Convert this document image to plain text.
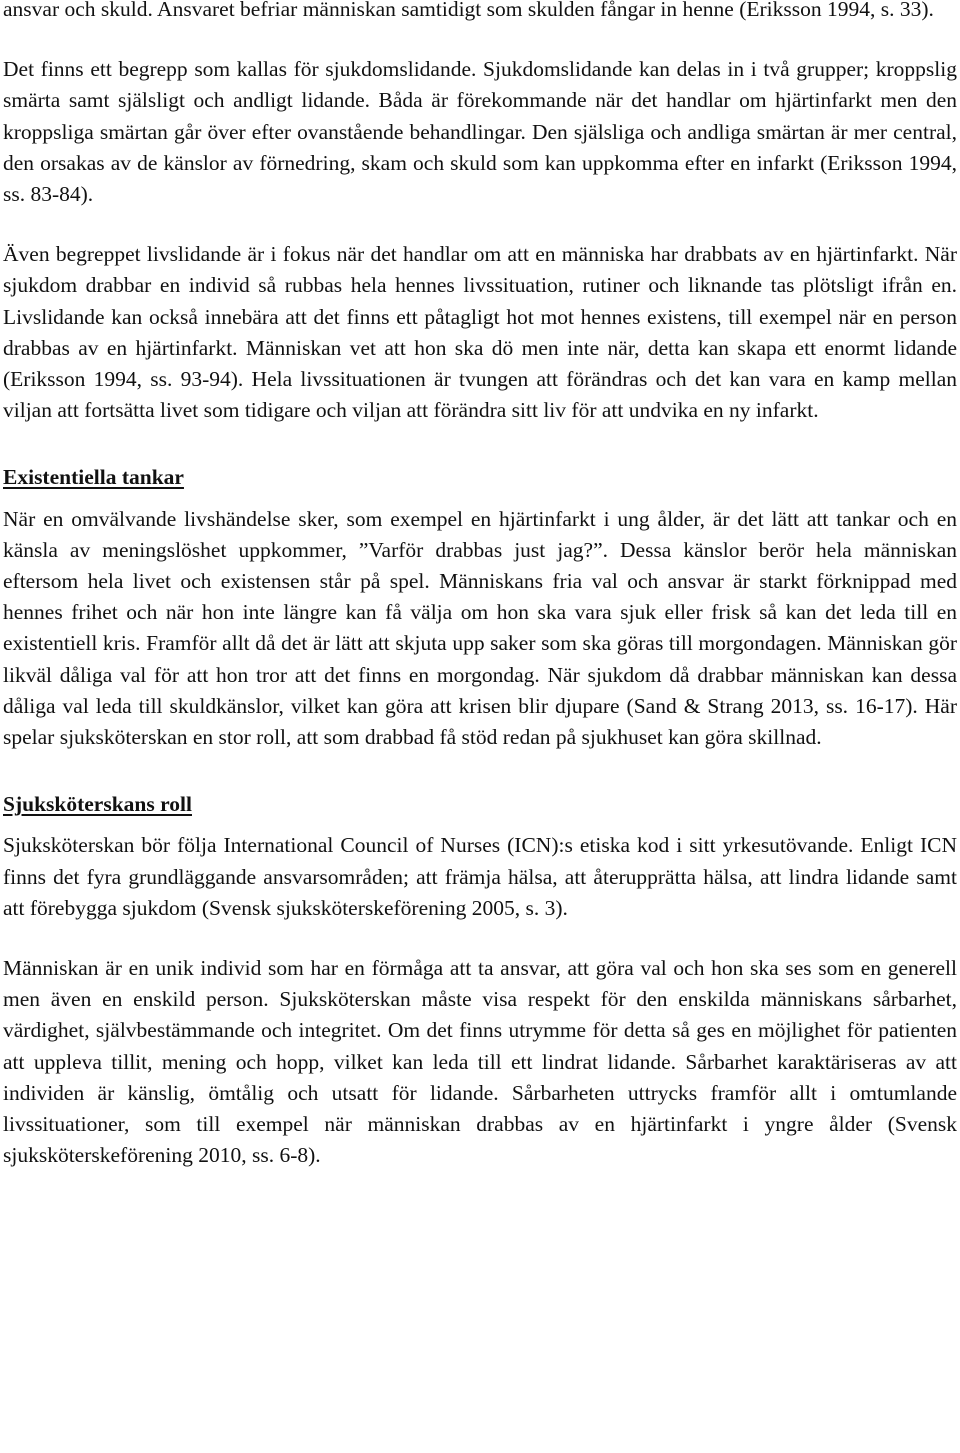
ansvar och skuld. Ansvaret befriar människan samtidigt som skulden fångar in henne (Eriksson 1994, s. 33).

Det finns ett begrepp som kallas för sjukdomslidande. Sjukdomslidande kan delas in i två grupper; kroppslig smärta samt själsligt och andligt lidande. Båda är förekommande när det handlar om hjärtinfarkt men den kroppsliga smärtan går över efter ovanstående behandlingar. Den själsliga och andliga smärtan är mer central, den orsakas av de känslor av förnedring, skam och skuld som kan uppkomma efter en infarkt (Eriksson 1994, ss. 83-84).

Även begreppet livslidande är i fokus när det handlar om att en människa har drabbats av en hjärtinfarkt. När sjukdom drabbar en individ så rubbas hela hennes livssituation, rutiner och liknande tas plötsligt ifrån en. Livslidande kan också innebära att det finns ett påtagligt hot mot hennes existens, till exempel när en person drabbas av en hjärtinfarkt. Människan vet att hon ska dö men inte när, detta kan skapa ett enormt lidande (Eriksson 1994, ss. 93-94). Hela livssituationen är tvungen att förändras och det kan vara en kamp mellan viljan att fortsätta livet som tidigare och viljan att förändra sitt liv för att undvika en ny infarkt.

Existentiella tankar

När en omvälvande livshändelse sker, som exempel en hjärtinfarkt i ung ålder, är det lätt att tankar och en känsla av meningslöshet uppkommer, ”Varför drabbas just jag?”. Dessa känslor berör hela människan eftersom hela livet och existensen står på spel. Människans fria val och ansvar är starkt förknippad med hennes frihet och när hon inte längre kan få välja om hon ska vara sjuk eller frisk så kan det leda till en existentiell kris. Framför allt då det är lätt att skjuta upp saker som ska göras till morgondagen. Människan gör likväl dåliga val för att hon tror att det finns en morgondag. När sjukdom då drabbar människan kan dessa dåliga val leda till skuldkänslor, vilket kan göra att krisen blir djupare (Sand & Strang 2013, ss. 16-17). Här spelar sjuksköterskan en stor roll, att som drabbad få stöd redan på sjukhuset kan göra skillnad.

Sjuksköterskans roll

Sjuksköterskan bör följa International Council of Nurses (ICN):s etiska kod i sitt yrkesutövande. Enligt ICN finns det fyra grundläggande ansvarsområden; att främja hälsa, att återupprätta hälsa, att lindra lidande samt att förebygga sjukdom (Svensk sjuksköterskeförening 2005, s. 3).

Människan är en unik individ som har en förmåga att ta ansvar, att göra val och hon ska ses som en generell men även en enskild person. Sjuksköterskan måste visa respekt för den enskilda människans sårbarhet, värdighet, självbestämmande och integritet. Om det finns utrymme för detta så ges en möjlighet för patienten att uppleva tillit, mening och hopp, vilket kan leda till ett lindrat lidande. Sårbarhet karaktäriseras av att individen är känslig, ömtålig och utsatt för lidande. Sårbarheten uttrycks framför allt i omtumlande livssituationer, som till exempel när människan drabbas av en hjärtinfarkt i yngre ålder (Svensk sjuksköterskeförening 2010, ss. 6-8).
